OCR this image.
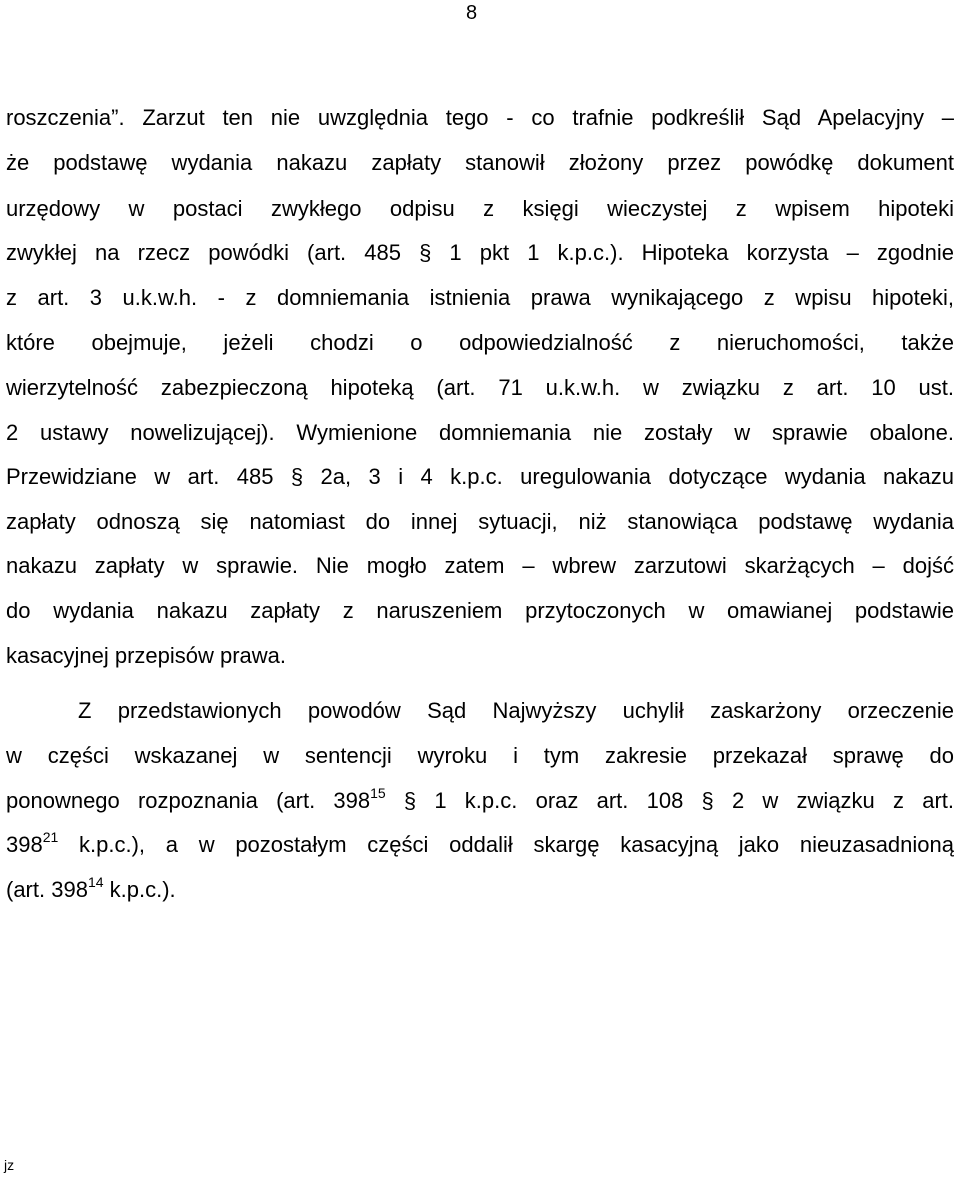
8
roszczenia”. Zarzut ten nie uwzględnia tego - co trafnie podkreślił Sąd Apelacyjny –
że podstawę wydania nakazu zapłaty stanowił złożony przez powódkę dokument
urzędowy w postaci zwykłego odpisu z księgi wieczystej z wpisem hipoteki
zwykłej na rzecz powódki (art. 485 § 1 pkt 1 k.p.c.). Hipoteka korzysta – zgodnie
z art. 3 u.k.w.h. - z domniemania istnienia prawa wynikającego z wpisu hipoteki,
które obejmuje, jeżeli chodzi o odpowiedzialność z nieruchomości, także
wierzytelność zabezpieczoną hipoteką (art. 71 u.k.w.h. w związku z art. 10 ust.
2 ustawy nowelizującej). Wymienione domniemania nie zostały w sprawie obalone.
Przewidziane w art. 485 § 2a, 3 i 4 k.p.c. uregulowania dotyczące wydania nakazu
zapłaty odnoszą się natomiast do innej sytuacji, niż stanowiąca podstawę wydania
nakazu zapłaty w sprawie. Nie mogło zatem – wbrew zarzutowi skarżących – dojść
do wydania nakazu zapłaty z naruszeniem przytoczonych w omawianej podstawie
kasacyjnej przepisów prawa.
Z przedstawionych powodów Sąd Najwyższy uchylił zaskarżony orzeczenie
w części wskazanej w sentencji wyroku i tym zakresie przekazał sprawę do
ponownego rozpoznania (art. $398^{15}$ § 1 k.p.c. oraz art. 108 § 2 w związku z art.
$398^{21}$ k.p.c.), a w pozostałym części oddalił skargę kasacyjną jako nieuzasadnioną
(art. $398^{14}$ k.p.c.).
jz
